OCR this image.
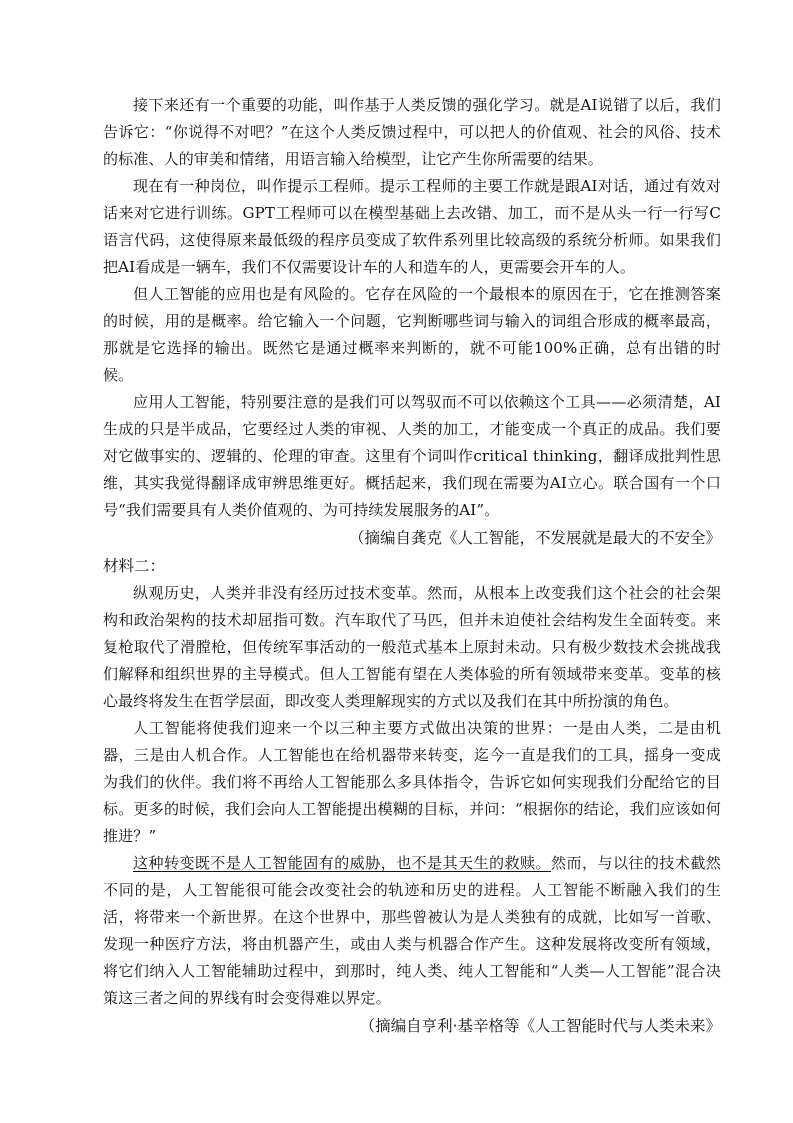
接下来还有一个重要的功能，叫作基于人类反馈的强化学习。就是AI说错了以后，我们告诉它：“你说得不对吧？”在这个人类反馈过程中，可以把人的价值观、社会的风俗、技术的标准、人的审美和情绪，用语言输入给模型，让它产生你所需要的结果。

现在有一种岗位，叫作提示工程师。提示工程师的主要工作就是跟AI对话，通过有效对话来对它进行训练。GPT工程师可以在模型基础上去改错、加工，而不是从头一行一行写C语言代码，这使得原来最低级的程序员变成了软件系列里比较高级的系统分析师。如果我们把AI看成是一辆车，我们不仅需要设计车的人和造车的人，更需要会开车的人。

但人工智能的应用也是有风险的。它存在风险的一个最根本的原因在于，它在推测答案的时候，用的是概率。给它输入一个问题，它判断哪些词与输入的词组合形成的概率最高，那就是它选择的输出。既然它是通过概率来判断的，就不可能100%正确，总有出错的时候。

应用人工智能，特别要注意的是我们可以驾驭而不可以依赖这个工具——必须清楚，AI生成的只是半成品，它要经过人类的审视、人类的加工，才能变成一个真正的成品。我们要对它做事实的、逻辑的、伦理的审查。这里有个词叫作critical thinking，翻译成批判性思维，其实我觉得翻译成审辨思维更好。概括起来，我们现在需要为AI立心。联合国有一个口号“我们需要具有人类价值观的、为可持续发展服务的AI”。

（摘编自龚克《人工智能，不发展就是最大的不安全》

材料二：

纵观历史，人类并非没有经历过技术变革。然而，从根本上改变我们这个社会的社会架构和政治架构的技术却屈指可数。汽车取代了马匹，但并未迫使社会结构发生全面转变。来复枪取代了滑膛枪，但传统军事活动的一般范式基本上原封未动。只有极少数技术会挑战我们解释和组织世界的主导模式。但人工智能有望在人类体验的所有领域带来变革。变革的核心最终将发生在哲学层面，即改变人类理解现实的方式以及我们在其中所扮演的角色。

人工智能将使我们迎来一个以三种主要方式做出决策的世界：一是由人类，二是由机器，三是由人机合作。人工智能也在给机器带来转变，迄今一直是我们的工具，摇身一变成为我们的伙伴。我们将不再给人工智能那么多具体指令，告诉它如何实现我们分配给它的目标。更多的时候，我们会向人工智能提出模糊的目标，并问：“根据你的结论，我们应该如何推进？”

这种转变既不是人工智能固有的威胁，也不是其天生的救赎。然而，与以往的技术截然不同的是，人工智能很可能会改变社会的轨迹和历史的进程。人工智能不断融入我们的生活，将带来一个新世界。在这个世界中，那些曾被认为是人类独有的成就，比如写一首歌、发现一种医疗方法，将由机器产生，或由人类与机器合作产生。这种发展将改变所有领域，将它们纳入人工智能辅助过程中，到那时，纯人类、纯人工智能和“人类—人工智能”混合决策这三者之间的界线有时会变得难以界定。

（摘编自亨利·基辛格等《人工智能时代与人类未来》
